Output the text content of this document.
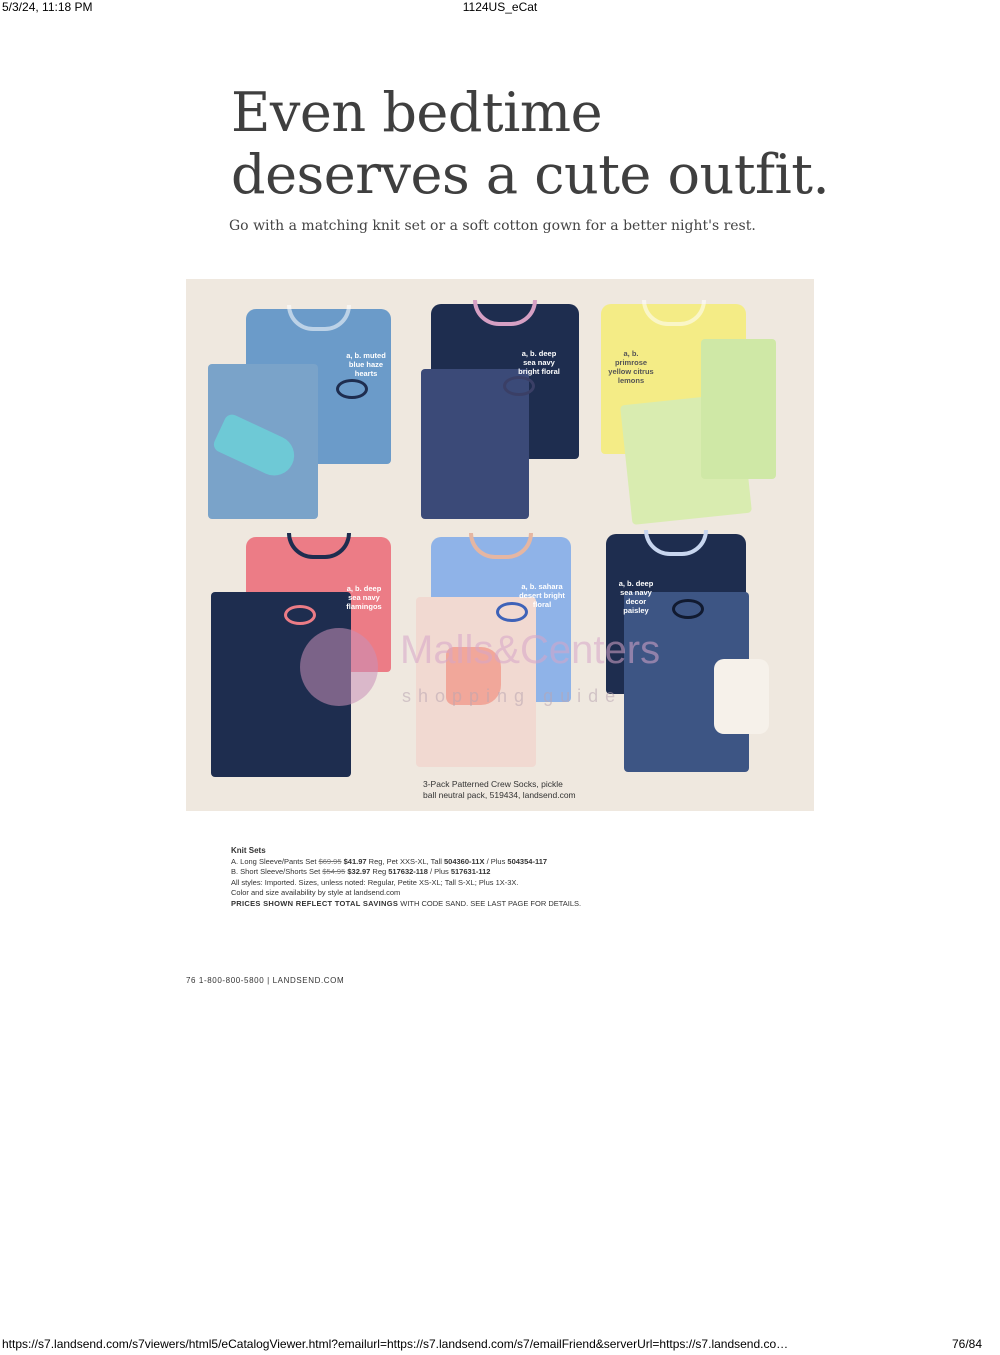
5/3/24, 11:18 PM	1124US_eCat
Even bedtime
deserves a cute outfit.

Go with a matching knit set or a soft cotton gown for a better night's rest.

a, b. muted
blue haze
hearts
a, b. deep
sea navy
bright floral
a, b.
primrose
yellow citrus
lemons
a, b. deep
sea navy
flamingos
a, b. sahara
desert bright
floral
a, b. deep
sea navy
decor
paisley

3-Pack Patterned Crew Socks, pickle
ball neutral pack, 519434, landsend.com

Malls&Centers
shopping guide
Knit Sets
A. Long Sleeve/Pants Set $69.95 $41.97 Reg, Pet XXS-XL, Tall 504360-11X / Plus 504354-117
B. Short Sleeve/Shorts Set $54.95 $32.97 Reg 517632-118 / Plus 517631-112
All styles: Imported. Sizes, unless noted: Regular, Petite XS-XL; Tall S-XL; Plus 1X-3X.
Color and size availability by style at landsend.com
PRICES SHOWN REFLECT TOTAL SAVINGS WITH CODE SAND. SEE LAST PAGE FOR DETAILS.
76 1-800-800-5800 | LANDSEND.COM
https://s7.landsend.com/s7viewers/html5/eCatalogViewer.html?emailurl=https://s7.landsend.com/s7/emailFriend&serverUrl=https://s7.landsend.co…	76/84
